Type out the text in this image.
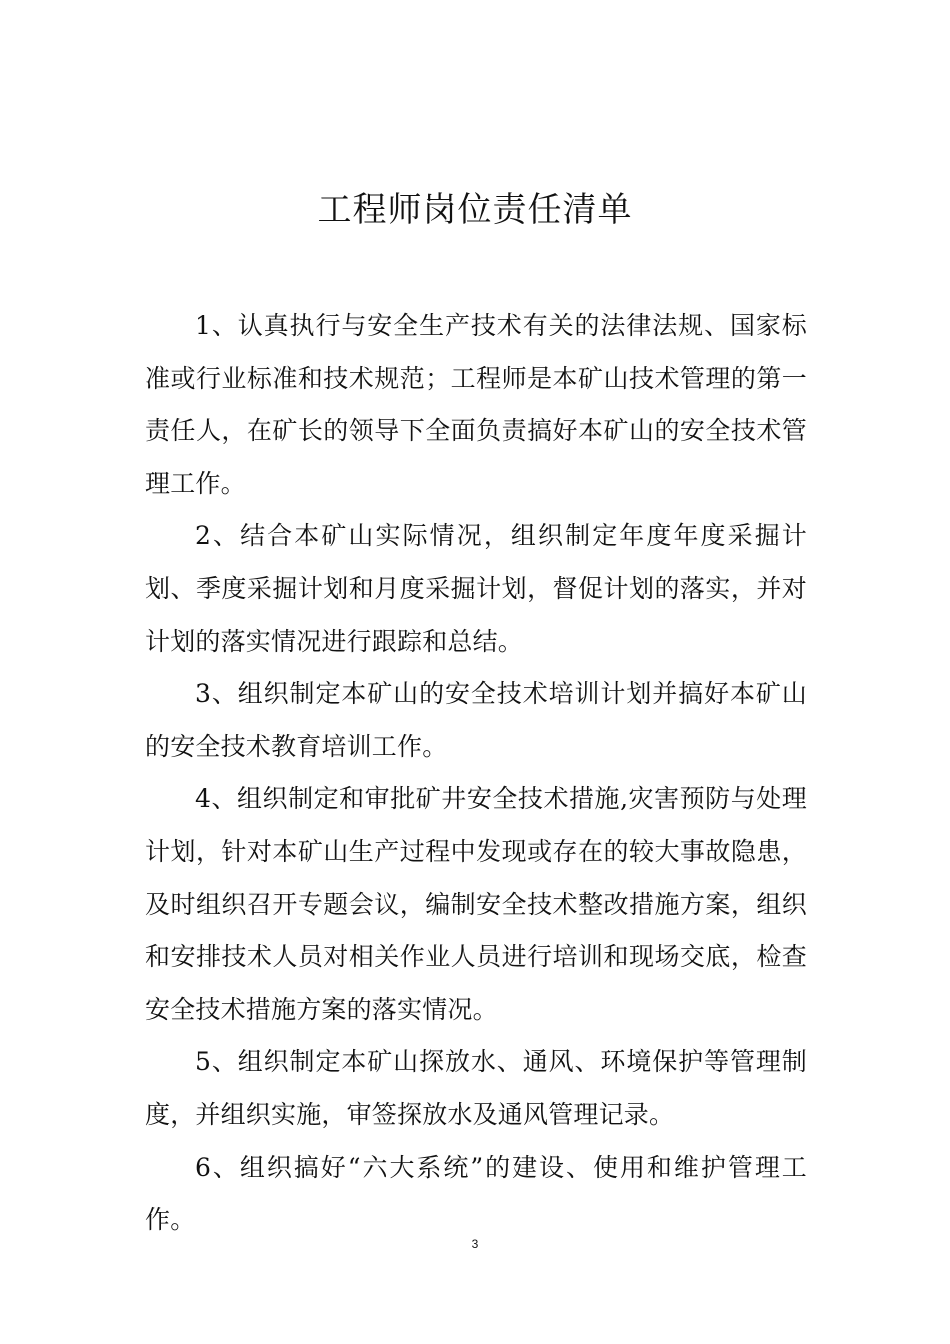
工程师岗位责任清单

1、认真执行与安全生产技术有关的法律法规、国家标准或行业标准和技术规范；工程师是本矿山技术管理的第一责任人，在矿长的领导下全面负责搞好本矿山的安全技术管理工作。

2、结合本矿山实际情况，组织制定年度年度采掘计划、季度采掘计划和月度采掘计划，督促计划的落实，并对计划的落实情况进行跟踪和总结。

3、组织制定本矿山的安全技术培训计划并搞好本矿山的安全技术教育培训工作。

4、组织制定和审批矿井安全技术措施,灾害预防与处理计划，针对本矿山生产过程中发现或存在的较大事故隐患，及时组织召开专题会议，编制安全技术整改措施方案，组织和安排技术人员对相关作业人员进行培训和现场交底，检查安全技术措施方案的落实情况。

5、组织制定本矿山探放水、通风、环境保护等管理制度，并组织实施，审签探放水及通风管理记录。

6、组织搞好“六大系统”的建设、使用和维护管理工作。

3
